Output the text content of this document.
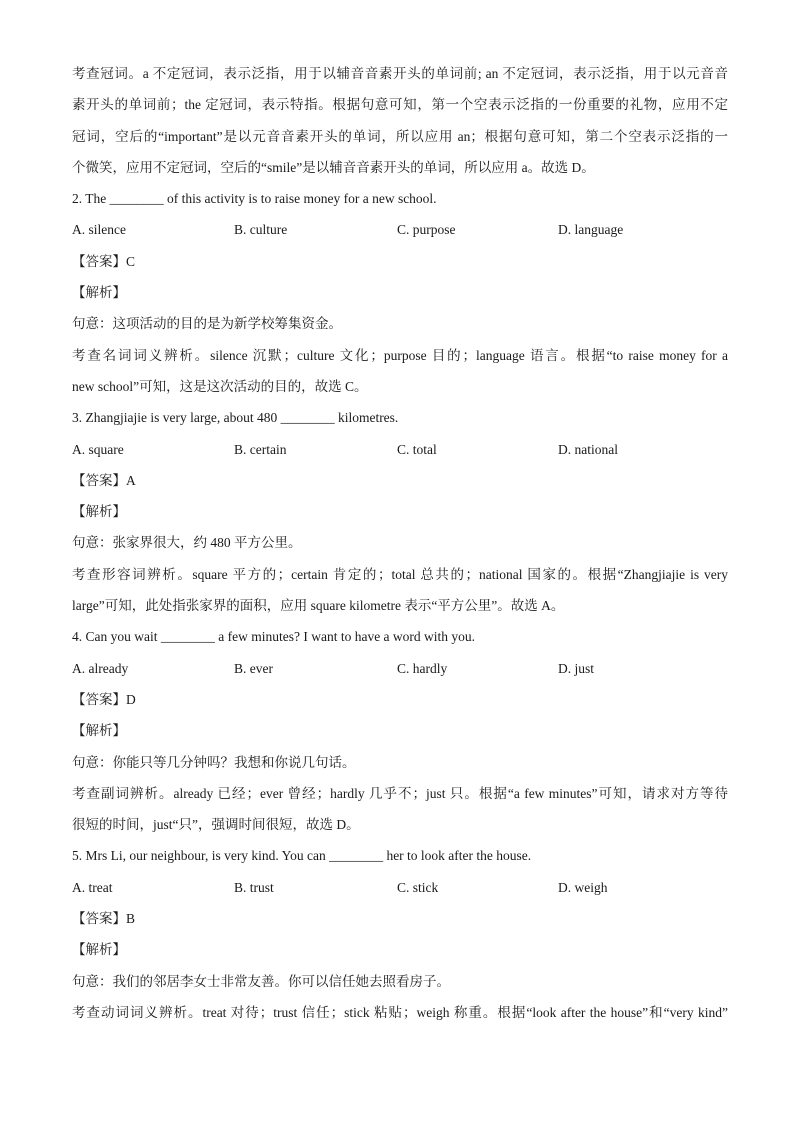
考查冠词。a 不定冠词，表示泛指，用于以辅音音素开头的单词前; an 不定冠词，表示泛指，用于以元音音
素开头的单词前；the 定冠词，表示特指。根据句意可知，第一个空表示泛指的一份重要的礼物，应用不定
冠词，空后的“important”是以元音音素开头的单词，所以应用 an；根据句意可知，第二个空表示泛指的一
个微笑，应用不定冠词，空后的“smile”是以辅音音素开头的单词，所以应用 a。故选 D。
2. The ________ of this activity is to raise money for a new school.
A. silence	B. culture	C. purpose	D. language
【答案】C
【解析】
句意：这项活动的目的是为新学校筹集资金。
考查名词词义辨析。silence 沉默；culture 文化；purpose 目的；language 语言。根据“to raise money for a
new school”可知，这是这次活动的目的，故选 C。
3. Zhangjiajie is very large, about 480 ________ kilometres.
A. square	B. certain	C. total	D. national
【答案】A
【解析】
句意：张家界很大，约 480 平方公里。
考查形容词辨析。square 平方的；certain 肯定的；total 总共的；national 国家的。根据“Zhangjiajie is very
large”可知，此处指张家界的面积，应用 square kilometre 表示“平方公里”。故选 A。
4. Can you wait ________ a few minutes? I want to have a word with you.
A. already	B. ever	C. hardly	D. just
【答案】D
【解析】
句意：你能只等几分钟吗？我想和你说几句话。
考查副词辨析。already 已经；ever 曾经；hardly 几乎不；just 只。根据“a few minutes”可知，请求对方等待
很短的时间，just“只”，强调时间很短，故选 D。
5. Mrs Li, our neighbour, is very kind. You can ________ her to look after the house.
A. treat	B. trust	C. stick	D. weigh
【答案】B
【解析】
句意：我们的邻居李女士非常友善。你可以信任她去照看房子。
考查动词词义辨析。treat 对待；trust 信任；stick 粘贴；weigh 称重。根据“look after the house”和“very kind”
